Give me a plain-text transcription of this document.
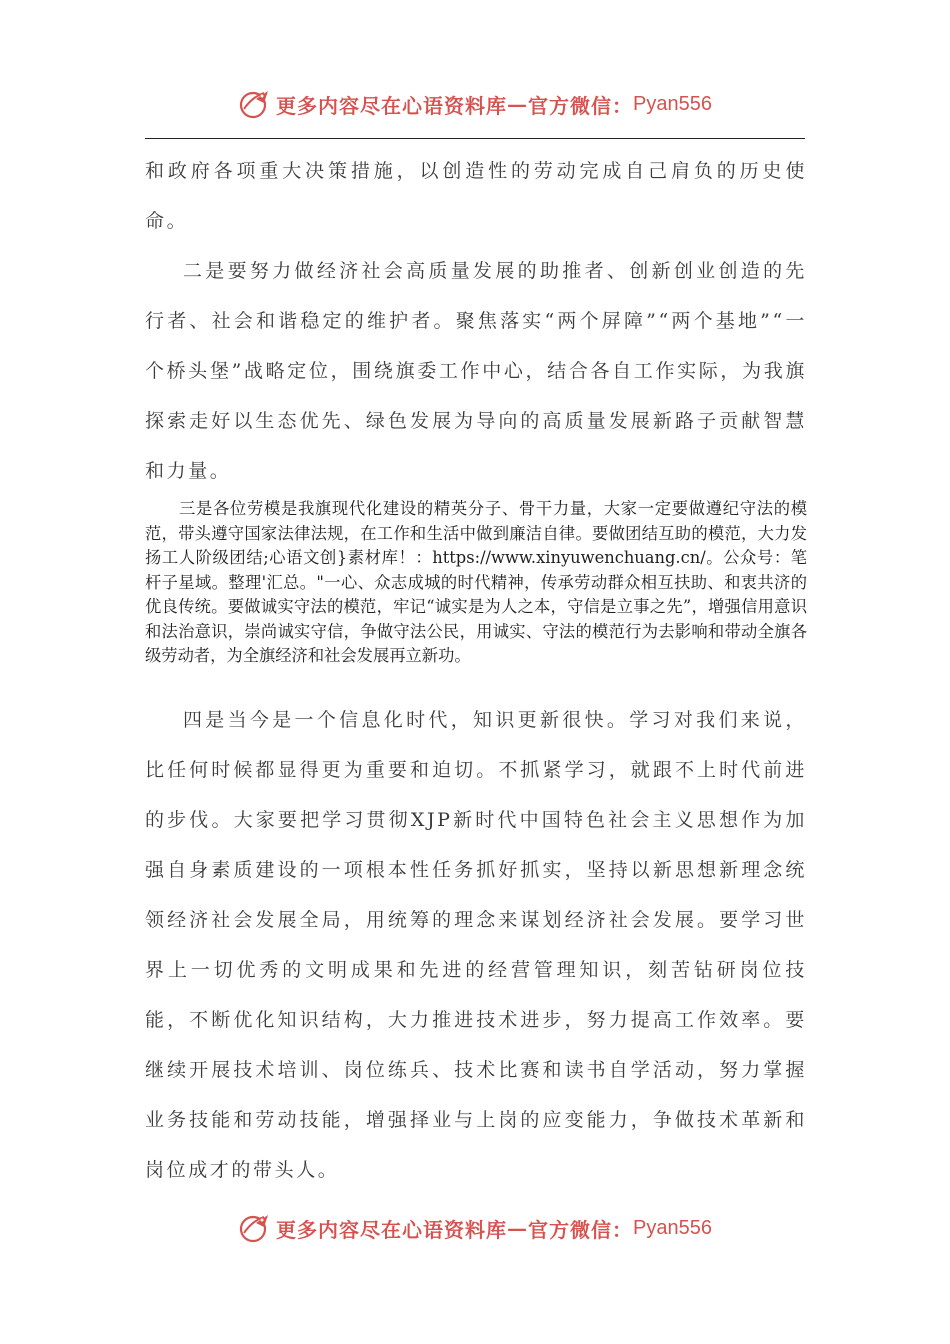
更多内容尽在心语资料库 — 官方微信： Pyan556

和政府各项重大决策措施，以创造性的劳动完成自己肩负的历史使命。

二是要努力做经济社会高质量发展的助推者、创新创业创造的先行者、社会和谐稳定的维护者。聚焦落实“两个屏障”“两个基地”“一个桥头堡”战略定位，围绕旗委工作中心，结合各自工作实际，为我旗探索走好以生态优先、绿色发展为导向的高质量发展新路子贡献智慧和力量。

三是各位劳模是我旗现代化建设的精英分子、骨干力量，大家一定要做遵纪守法的模范，带头遵守国家法律法规，在工作和生活中做到廉洁自律。要做团结互助的模范，大力发扬工人阶级团结;心语文创}素材库！：https://www.xinyuwenchuang.cn/。公众号：笔杆子星域。整理'汇总。"一心、众志成城的时代精神，传承劳动群众相互扶助、和衷共济的优良传统。要做诚实守法的模范，牢记“诚实是为人之本，守信是立事之先”，增强信用意识和法治意识，崇尚诚实守信，争做守法公民，用诚实、守法的模范行为去影响和带动全旗各级劳动者，为全旗经济和社会发展再立新功。

四是当今是一个信息化时代，知识更新很快。学习对我们来说，比任何时候都显得更为重要和迫切。不抓紧学习，就跟不上时代前进的步伐。大家要把学习贯彻XJP新时代中国特色社会主义思想作为加强自身素质建设的一项根本性任务抓好抓实，坚持以新思想新理念统领经济社会发展全局，用统筹的理念来谋划经济社会发展。要学习世界上一切优秀的文明成果和先进的经营管理知识，刻苦钻研岗位技能，不断优化知识结构，大力推进技术进步，努力提高工作效率。要继续开展技术培训、岗位练兵、技术比赛和读书自学活动，努力掌握业务技能和劳动技能，增强择业与上岗的应变能力，争做技术革新和岗位成才的带头人。

更多内容尽在心语资料库 — 官方微信： Pyan556
